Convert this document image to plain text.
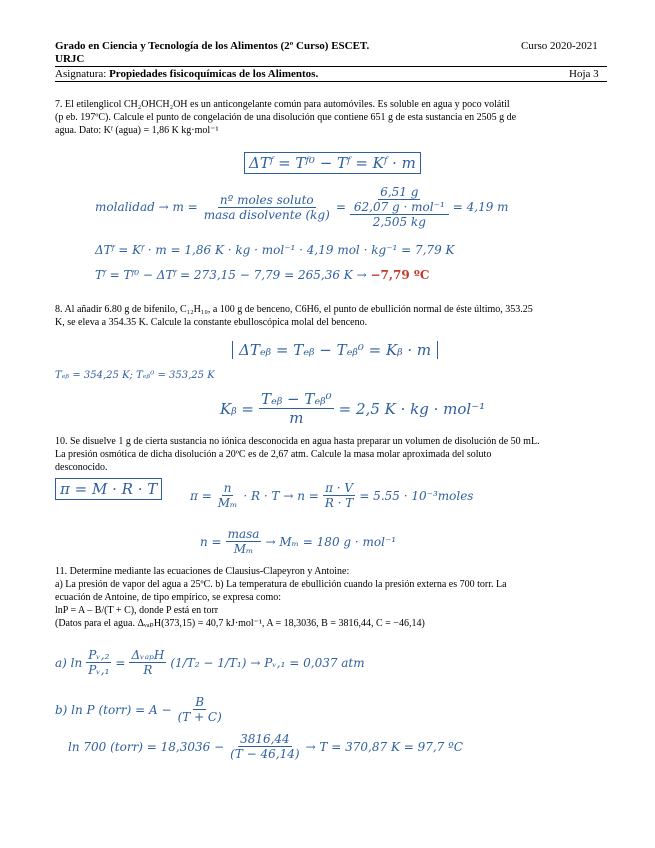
Grado en Ciencia y Tecnología de los Alimentos (2º Curso) ESCET.	Curso 2020-2021
URJC
Asignatura: Propiedades fisicoquímicas de los Alimentos.	Hoja 3
7. El etilenglicol CH₂OHCH₂OH es un anticongelante común para automóviles. Es soluble en agua y poco volátil
(p eb. 197ºC). Calcule el punto de congelación de una disolución que contiene 651 g de esta sustancia en 2505 g de
agua. Dato: Kᶠ (agua) = 1,86 K kg·mol⁻¹
ΔTᶠ = Tᶠ⁰ − Tᶠ = Kᶠ · m
molalidad → $m = \frac{\text{nº moles soluto}}{\text{masa disolvente (kg)}} = \frac{\frac{6,51 g}{\text{62,07 g · mol⁻¹}}}{2,505 kg} = 4,19$ m
ΔTᶠ = Kᶠ · m = 1,86 K · kg · mol⁻¹ · 4,19 mol · kg⁻¹ = 7,79 K
Tᶠ = Tᶠ⁰ − ΔTᶠ = 273,15 − 7,79 = 265,36 K → −7,79 ºC
8. Al añadir 6.80 g de bifenilo, C₁₂H₁₀, a 100 g de benceno, C6H6, el punto de ebullición normal de éste último, 353.25
K, se eleva a 354.35 K. Calcule la constante ebulloscópica molal del benceno.
ΔTₑᵦ = Tₑᵦ − Tₑᵦ⁰ = Kᵦ · m
Tₑᵦ = 354,25 K; Tₑᵦ⁰ = 353,25 K
Kᵦ = $\frac{\text{Tₑᵦ − Tₑᵦ⁰}}{m} = 2,5$ K · kg · mol⁻¹
10. Se disuelve 1 g de cierta sustancia no iónica desconocida en agua hasta preparar un volumen de disolución de 50 mL.
La presión osmótica de dicha disolución a 20ºC es de 2,67 atm. Calcule la masa molar aproximada del soluto
desconocido.
π = M · R · T	$\pi = \frac{n}{\text{Mₘ}} \cdot R \cdot T \to n = \frac{\pi \cdot V}{R \cdot T} = 5.55$ · 10⁻³moles
$n = \frac{\text{masa}}{\text{Mₘ}} \to M_m = 180$ g · mol⁻¹
11. Determine mediante las ecuaciones de Clausius-Clapeyron y Antoine:
a) La presión de vapor del agua a 25ºC. b) La temperatura de ebullición cuando la presión externa es 700 torr. La
ecuación de Antoine, de tipo empírico, se expresa como:
lnP = A – B/(T + C), donde P está en torr
(Datos para el agua. ΔᵥₐₚH(373,15) = 40,7 kJ·mol⁻¹, A = 18,3036, B = 3816,44, C = −46,14)
a) $\ln \frac{\text{Pᵥ,₂}}{\text{Pᵥ,₁}} = \frac{\text{ΔᵥₐₚH}}{R} (1/T_2 - 1/T_1)$ → Pᵥ,₁ = 0,037 atm
b) ln P (torr) = $A - \frac{B}{(T + C)}$
ln 700 (torr) = $18,3036 - \frac{3816,44}{(T - 46,14)} \to T = 370,87$ K = 97,7 ºC
